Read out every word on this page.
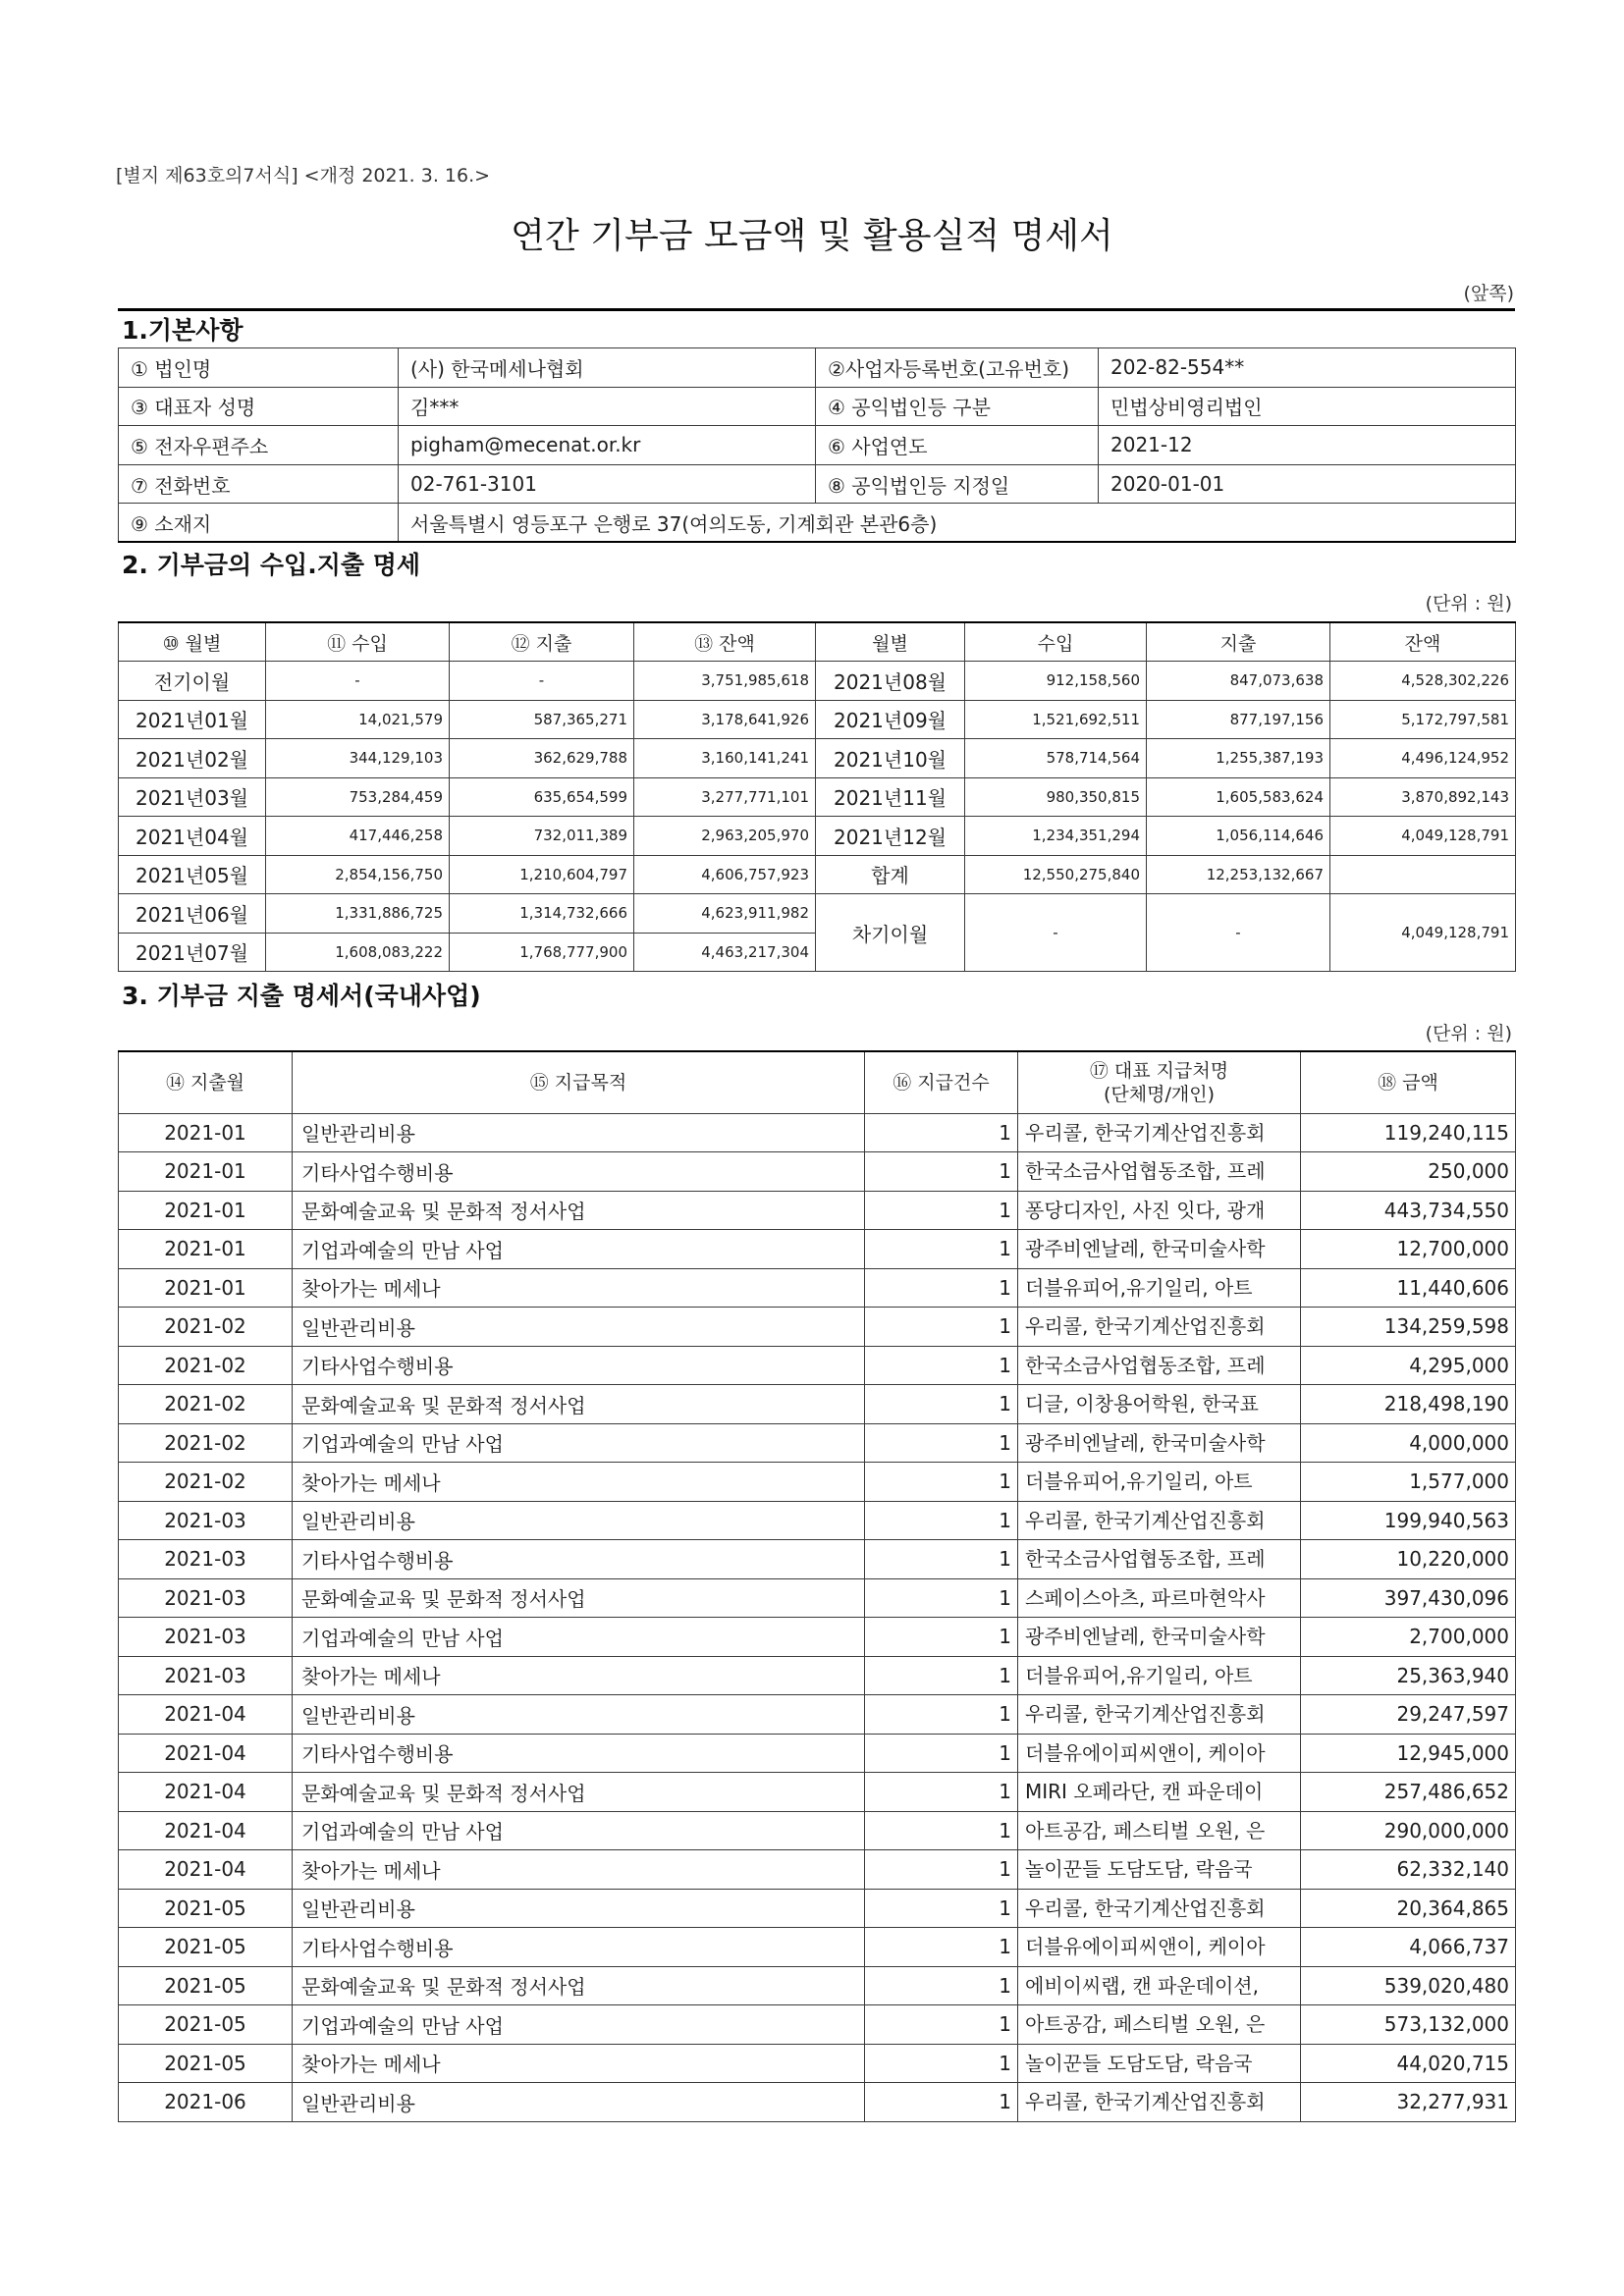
[별지 제63호의7서식] <개정 2021. 3. 16.>
연간 기부금 모금액 및 활용실적 명세서
(앞쪽)
1.기본사항
① 법인명	(사) 한국메세나협회	②사업자등록번호(고유번호)	202-82-554**
③ 대표자 성명	김***	④ 공익법인등 구분	민법상비영리법인
⑤ 전자우편주소	pigham@mecenat.or.kr	⑥ 사업연도	2021-12
⑦ 전화번호	02-761-3101	⑧ 공익법인등 지정일	2020-01-01
⑨ 소재지	서울특별시 영등포구 은행로 37(여의도동, 기계회관 본관6층)		
2. 기부금의 수입.지출 명세
(단위 : 원)
⑩ 월별	⑪ 수입	⑫ 지출	⑬ 잔액	월별	수입	지출	잔액
전기이월	-	-	3,751,985,618	2021년08월	912,158,560	847,073,638	4,528,302,226
2021년01월	14,021,579	587,365,271	3,178,641,926	2021년09월	1,521,692,511	877,197,156	5,172,797,581
2021년02월	344,129,103	362,629,788	3,160,141,241	2021년10월	578,714,564	1,255,387,193	4,496,124,952
2021년03월	753,284,459	635,654,599	3,277,771,101	2021년11월	980,350,815	1,605,583,624	3,870,892,143
2021년04월	417,446,258	732,011,389	2,963,205,970	2021년12월	1,234,351,294	1,056,114,646	4,049,128,791
2021년05월	2,854,156,750	1,210,604,797	4,606,757,923	합계	12,550,275,840	12,253,132,667	
2021년06월	1,331,886,725	1,314,732,666	4,623,911,982	차기이월	-	-	4,049,128,791
2021년07월	1,608,083,222	1,768,777,900	4,463,217,304				
3. 기부금 지출 명세서(국내사업)
(단위 : 원)
⑭ 지출월	⑮ 지급목적	⑯ 지급건수	⑰ 대표 지급처명
(단체명/개인)	⑱ 금액
2021-01	일반관리비용	1	우리콜, 한국기계산업진흥회	119,240,115
2021-01	기타사업수행비용	1	한국소금사업협동조합, 프레	250,000
2021-01	문화예술교육 및 문화적 정서사업	1	퐁당디자인, 사진 잇다, 광개	443,734,550
2021-01	기업과예술의 만남 사업	1	광주비엔날레, 한국미술사학	12,700,000
2021-01	찾아가는 메세나	1	더블유피어,유기일리, 아트	11,440,606
2021-02	일반관리비용	1	우리콜, 한국기계산업진흥회	134,259,598
2021-02	기타사업수행비용	1	한국소금사업협동조합, 프레	4,295,000
2021-02	문화예술교육 및 문화적 정서사업	1	디글, 이창용어학원, 한국표	218,498,190
2021-02	기업과예술의 만남 사업	1	광주비엔날레, 한국미술사학	4,000,000
2021-02	찾아가는 메세나	1	더블유피어,유기일리, 아트	1,577,000
2021-03	일반관리비용	1	우리콜, 한국기계산업진흥회	199,940,563
2021-03	기타사업수행비용	1	한국소금사업협동조합, 프레	10,220,000
2021-03	문화예술교육 및 문화적 정서사업	1	스페이스아츠, 파르마현악사	397,430,096
2021-03	기업과예술의 만남 사업	1	광주비엔날레, 한국미술사학	2,700,000
2021-03	찾아가는 메세나	1	더블유피어,유기일리, 아트	25,363,940
2021-04	일반관리비용	1	우리콜, 한국기계산업진흥회	29,247,597
2021-04	기타사업수행비용	1	더블유에이피씨앤이, 케이아	12,945,000
2021-04	문화예술교육 및 문화적 정서사업	1	MIRI 오페라단, 캔 파운데이	257,486,652
2021-04	기업과예술의 만남 사업	1	아트공감, 페스티벌 오원, 은	290,000,000
2021-04	찾아가는 메세나	1	놀이꾼들 도담도담, 락음국	62,332,140
2021-05	일반관리비용	1	우리콜, 한국기계산업진흥회	20,364,865
2021-05	기타사업수행비용	1	더블유에이피씨앤이, 케이아	4,066,737
2021-05	문화예술교육 및 문화적 정서사업	1	에비이씨랩, 캔 파운데이션,	539,020,480
2021-05	기업과예술의 만남 사업	1	아트공감, 페스티벌 오원, 은	573,132,000
2021-05	찾아가는 메세나	1	놀이꾼들 도담도담, 락음국	44,020,715
2021-06	일반관리비용	1	우리콜, 한국기계산업진흥회	32,277,931
